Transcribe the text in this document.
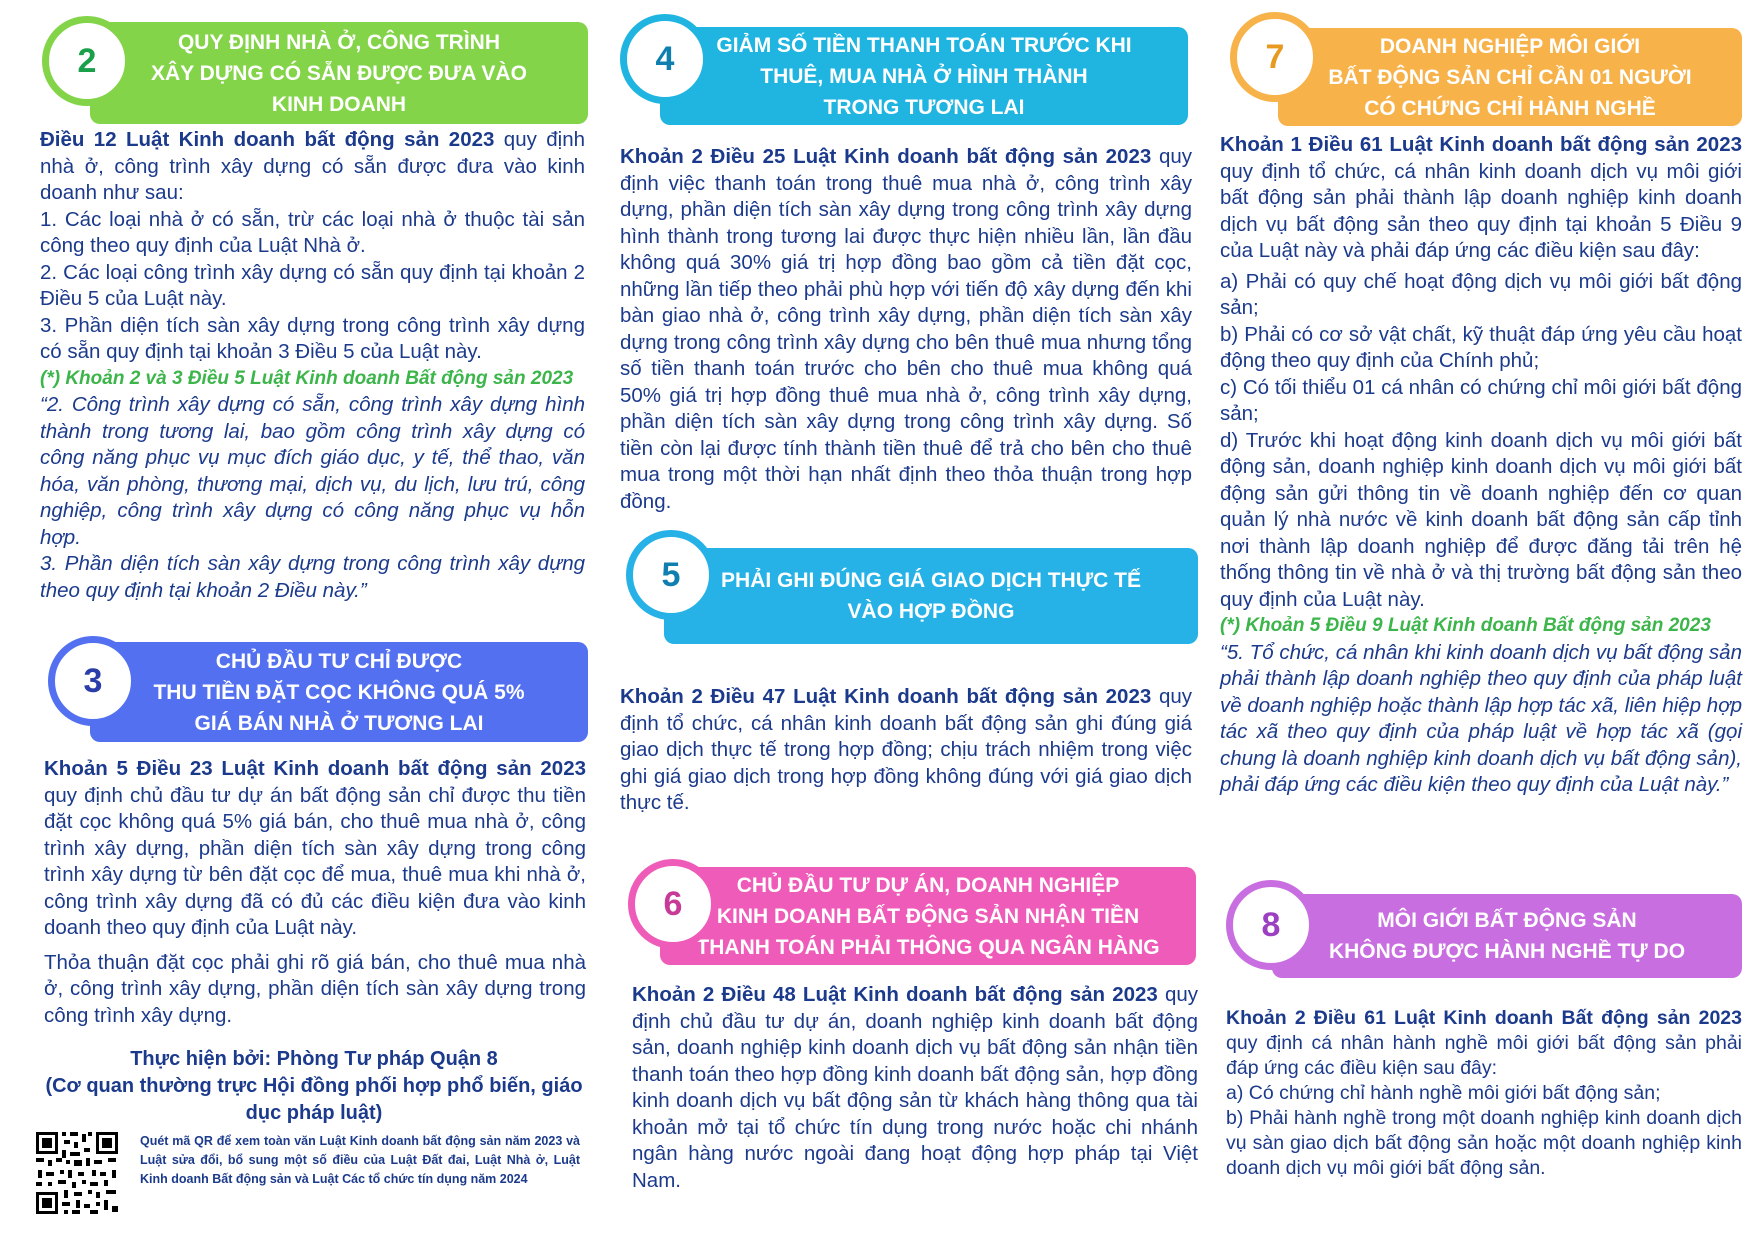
QUY ĐỊNH NHÀ Ở, CÔNG TRÌNH
XÂY DỰNG CÓ SẴN ĐƯỢC ĐƯA VÀO
KINH DOANH
2

Điều 12 Luật Kinh doanh bất động sản 2023 quy định nhà ở, công trình xây dựng có sẵn được đưa vào kinh doanh như sau:

1. Các loại nhà ở có sẵn, trừ các loại nhà ở thuộc tài sản công theo quy định của Luật Nhà ở.

2. Các loại công trình xây dựng có sẵn quy định tại khoản 2 Điều 5 của Luật này.

3. Phần diện tích sàn xây dựng trong công trình xây dựng có sẵn quy định tại khoản 3 Điều 5 của Luật này.

(*) Khoản 2 và 3 Điều 5 Luật Kinh doanh Bất động sản 2023

“2. Công trình xây dựng có sẵn, công trình xây dựng hình thành trong tương lai, bao gồm công trình xây dựng có công năng phục vụ mục đích giáo dục, y tế, thể thao, văn hóa, văn phòng, thương mại, dịch vụ, du lịch, lưu trú, công nghiệp, công trình xây dựng có công năng phục vụ hỗn hợp.

3. Phần diện tích sàn xây dựng trong công trình xây dựng theo quy định tại khoản 2 Điều này.”

CHỦ ĐẦU TƯ CHỈ ĐƯỢC
THU TIỀN ĐẶT CỌC KHÔNG QUÁ 5%
GIÁ BÁN NHÀ Ở TƯƠNG LAI
3

Khoản 5 Điều 23 Luật Kinh doanh bất động sản 2023 quy định chủ đầu tư dự án bất động sản chỉ được thu tiền đặt cọc không quá 5% giá bán, cho thuê mua nhà ở, công trình xây dựng, phần diện tích sàn xây dựng trong công trình xây dựng từ bên đặt cọc để mua, thuê mua khi nhà ở, công trình xây dựng đã có đủ các điều kiện đưa vào kinh doanh theo quy định của Luật này.

Thỏa thuận đặt cọc phải ghi rõ giá bán, cho thuê mua nhà ở, công trình xây dựng, phần diện tích sàn xây dựng trong công trình xây dựng.

Thực hiện bởi: Phòng Tư pháp Quận 8
(Cơ quan thường trực Hội đồng phối hợp phổ biến, giáo dục pháp luật)
Quét mã QR để xem toàn văn Luật Kinh doanh bất động sản năm 2023 và Luật sửa đổi, bổ sung một số điều của Luật Đất đai, Luật Nhà ở, Luật Kinh doanh Bất động sản và Luật Các tổ chức tín dụng năm 2024
GIẢM SỐ TIỀN THANH TOÁN TRƯỚC KHI
THUÊ, MUA NHÀ Ở HÌNH THÀNH
TRONG TƯƠNG LAI
4

Khoản 2 Điều 25 Luật Kinh doanh bất động sản 2023 quy định việc thanh toán trong thuê mua nhà ở, công trình xây dựng, phần diện tích sàn xây dựng trong công trình xây dựng hình thành trong tương lai được thực hiện nhiều lần, lần đầu không quá 30% giá trị hợp đồng bao gồm cả tiền đặt cọc, những lần tiếp theo phải phù hợp với tiến độ xây dựng đến khi bàn giao nhà ở, công trình xây dựng, phần diện tích sàn xây dựng trong công trình xây dựng cho bên thuê mua nhưng tổng số tiền thanh toán trước cho bên cho thuê mua không quá 50% giá trị hợp đồng thuê mua nhà ở, công trình xây dựng, phần diện tích sàn xây dựng trong công trình xây dựng. Số tiền còn lại được tính thành tiền thuê để trả cho bên cho thuê mua trong một thời hạn nhất định theo thỏa thuận trong hợp đồng.

PHẢI GHI ĐÚNG GIÁ GIAO DỊCH THỰC TẾ
VÀO HỢP ĐỒNG
5

Khoản 2 Điều 47 Luật Kinh doanh bất động sản 2023 quy định tổ chức, cá nhân kinh doanh bất động sản ghi đúng giá giao dịch thực tế trong hợp đồng; chịu trách nhiệm trong việc ghi giá giao dịch trong hợp đồng không đúng với giá giao dịch thực tế.

CHỦ ĐẦU TƯ DỰ ÁN, DOANH NGHIỆP
KINH DOANH BẤT ĐỘNG SẢN NHẬN TIỀN
THANH TOÁN PHẢI THÔNG QUA NGÂN HÀNG
6

Khoản 2 Điều 48 Luật Kinh doanh bất động sản 2023 quy định chủ đầu tư dự án, doanh nghiệp kinh doanh bất động sản, doanh nghiệp kinh doanh dịch vụ bất động sản nhận tiền thanh toán theo hợp đồng kinh doanh bất động sản, hợp đồng kinh doanh dịch vụ bất động sản từ khách hàng thông qua tài khoản mở tại tổ chức tín dụng trong nước hoặc chi nhánh ngân hàng nước ngoài đang hoạt động hợp pháp tại Việt Nam.

DOANH NGHIỆP MÔI GIỚI
BẤT ĐỘNG SẢN CHỈ CẦN 01 NGƯỜI
CÓ CHỨNG CHỈ HÀNH NGHỀ
7

Khoản 1 Điều 61 Luật Kinh doanh bất động sản 2023 quy định tổ chức, cá nhân kinh doanh dịch vụ môi giới bất động sản phải thành lập doanh nghiệp kinh doanh dịch vụ bất động sản theo quy định tại khoản 5 Điều 9 của Luật này và phải đáp ứng các điều kiện sau đây:

a) Phải có quy chế hoạt động dịch vụ môi giới bất động sản;

b) Phải có cơ sở vật chất, kỹ thuật đáp ứng yêu cầu hoạt động theo quy định của Chính phủ;

c) Có tối thiểu 01 cá nhân có chứng chỉ môi giới bất động sản;

d) Trước khi hoạt động kinh doanh dịch vụ môi giới bất động sản, doanh nghiệp kinh doanh dịch vụ môi giới bất động sản gửi thông tin về doanh nghiệp đến cơ quan quản lý nhà nước về kinh doanh bất động sản cấp tỉnh nơi thành lập doanh nghiệp để được đăng tải trên hệ thống thông tin về nhà ở và thị trường bất động sản theo quy định của Luật này.

(*) Khoản 5 Điều 9 Luật Kinh doanh Bất động sản 2023

“5. Tổ chức, cá nhân khi kinh doanh dịch vụ bất động sản phải thành lập doanh nghiệp theo quy định của pháp luật về doanh nghiệp hoặc thành lập hợp tác xã, liên hiệp hợp tác xã theo quy định của pháp luật về hợp tác xã (gọi chung là doanh nghiệp kinh doanh dịch vụ bất động sản), phải đáp ứng các điều kiện theo quy định của Luật này.”

MÔI GIỚI BẤT ĐỘNG SẢN
KHÔNG ĐƯỢC HÀNH NGHỀ TỰ DO
8

Khoản 2 Điều 61 Luật Kinh doanh Bất động sản 2023 quy định cá nhân hành nghề môi giới bất động sản phải đáp ứng các điều kiện sau đây:

a) Có chứng chỉ hành nghề môi giới bất động sản;

b) Phải hành nghề trong một doanh nghiệp kinh doanh dịch vụ sàn giao dịch bất động sản hoặc một doanh nghiệp kinh doanh dịch vụ môi giới bất động sản.
